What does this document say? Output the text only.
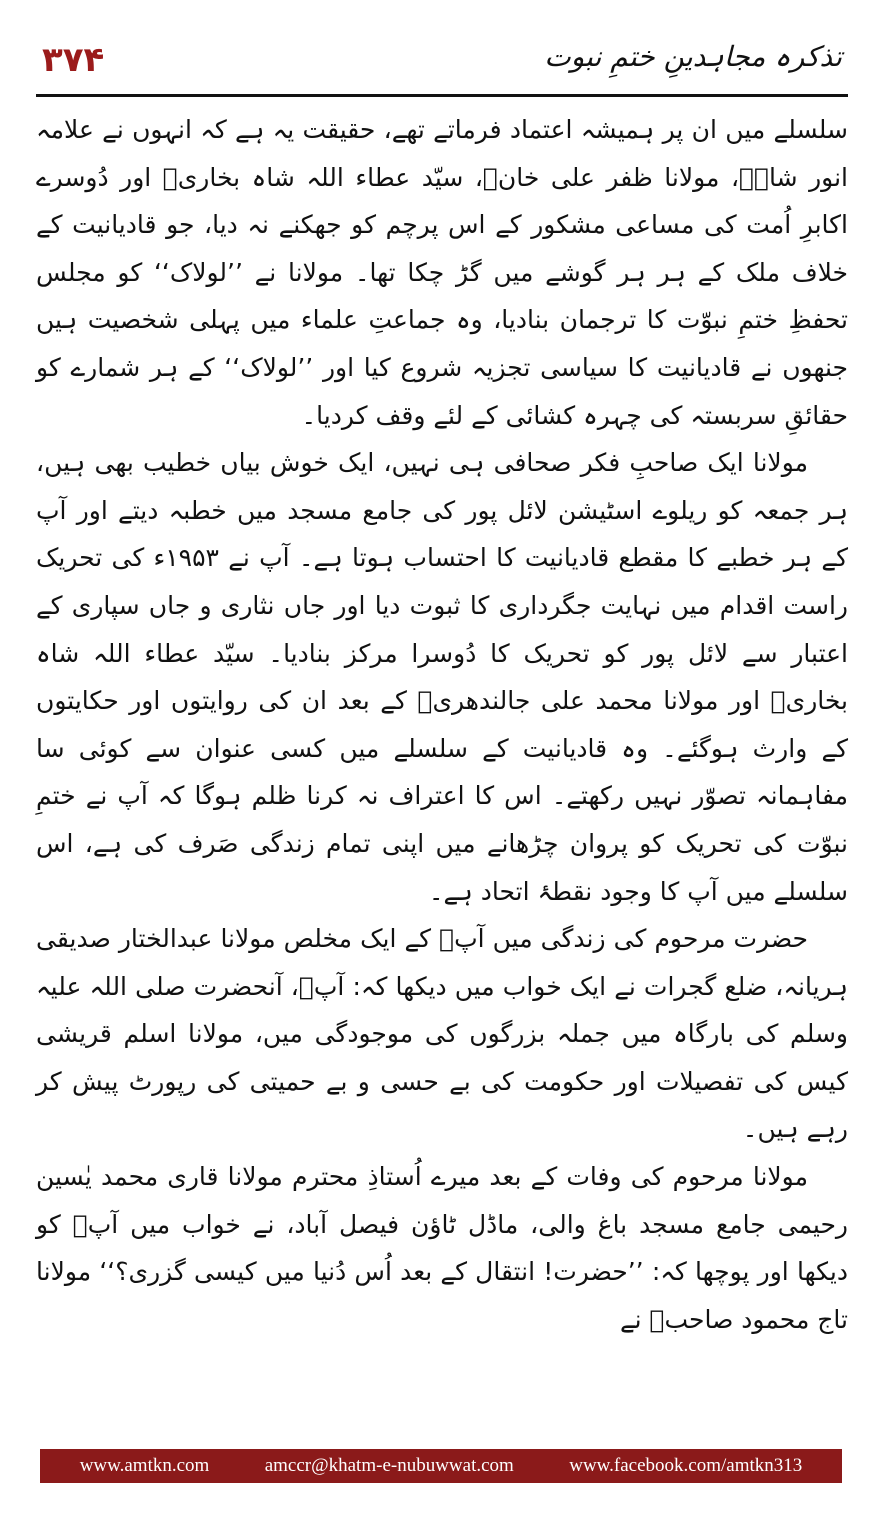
۳۷۴	تذکرہ مجاہدینِ ختمِ نبوت

سلسلے میں ان پر ہمیشہ اعتماد فرماتے تھے، حقیقت یہ ہے کہ انہوں نے علامہ انور شاہؒ، مولانا ظفر علی خانؒ، سیّد عطاء اللہ شاہ بخاریؒ اور دُوسرے اکابرِ اُمت کی مساعی مشکور کے اس پرچم کو جھکنے نہ دیا، جو قادیانیت کے خلاف ملک کے ہر ہر گوشے میں گڑ چکا تھا۔ مولانا نے ’’لولاک‘‘ کو مجلس تحفظِ ختمِ نبوّت کا ترجمان بنادیا، وہ جماعتِ علماء میں پہلی شخصیت ہیں جنھوں نے قادیانیت کا سیاسی تجزیہ شروع کیا اور ’’لولاک‘‘ کے ہر شمارے کو حقائقِ سربستہ کی چہرہ کشائی کے لئے وقف کردیا۔

مولانا ایک صاحبِ فکر صحافی ہی نہیں، ایک خوش بیاں خطیب بھی ہیں، ہر جمعہ کو ریلوے اسٹیشن لائل پور کی جامع مسجد میں خطبہ دیتے اور آپ کے ہر خطبے کا مقطع قادیانیت کا احتساب ہوتا ہے۔ آپ نے ۱۹۵۳ء کی تحریک راست اقدام میں نہایت جگرداری کا ثبوت دیا اور جاں نثاری و جاں سپاری کے اعتبار سے لائل پور کو تحریک کا دُوسرا مرکز بنادیا۔ سیّد عطاء اللہ شاہ بخاریؒ اور مولانا محمد علی جالندھریؒ کے بعد ان کی روایتوں اور حکایتوں کے وارث ہوگئے۔ وہ قادیانیت کے سلسلے میں کسی عنوان سے کوئی سا مفاہمانہ تصوّر نہیں رکھتے۔ اس کا اعتراف نہ کرنا ظلم ہوگا کہ آپ نے ختمِ نبوّت کی تحریک کو پروان چڑھانے میں اپنی تمام زندگی صَرف کی ہے، اس سلسلے میں آپ کا وجود نقطۂ اتحاد ہے۔

حضرت مرحوم کی زندگی میں آپؒ کے ایک مخلص مولانا عبدالختار صدیقی ہریانہ، ضلع گجرات نے ایک خواب میں دیکھا کہ: آپؒ، آنحضرت صلی اللہ علیہ وسلم کی بارگاہ میں جملہ بزرگوں کی موجودگی میں، مولانا اسلم قریشی کیس کی تفصیلات اور حکومت کی بے حسی و بے حمیتی کی رپورٹ پیش کر رہے ہیں۔

مولانا مرحوم کی وفات کے بعد میرے اُستاذِ محترم مولانا قاری محمد یٰسین رحیمی جامع مسجد باغ والی، ماڈل ٹاؤن فیصل آباد، نے خواب میں آپؒ کو دیکھا اور پوچھا کہ: ’’حضرت! انتقال کے بعد اُس دُنیا میں کیسی گزری؟‘‘ مولانا تاج محمود صاحبؒ نے

www.amtkn.com	amccr@khatm-e-nubuwwat.com	www.facebook.com/amtkn313
